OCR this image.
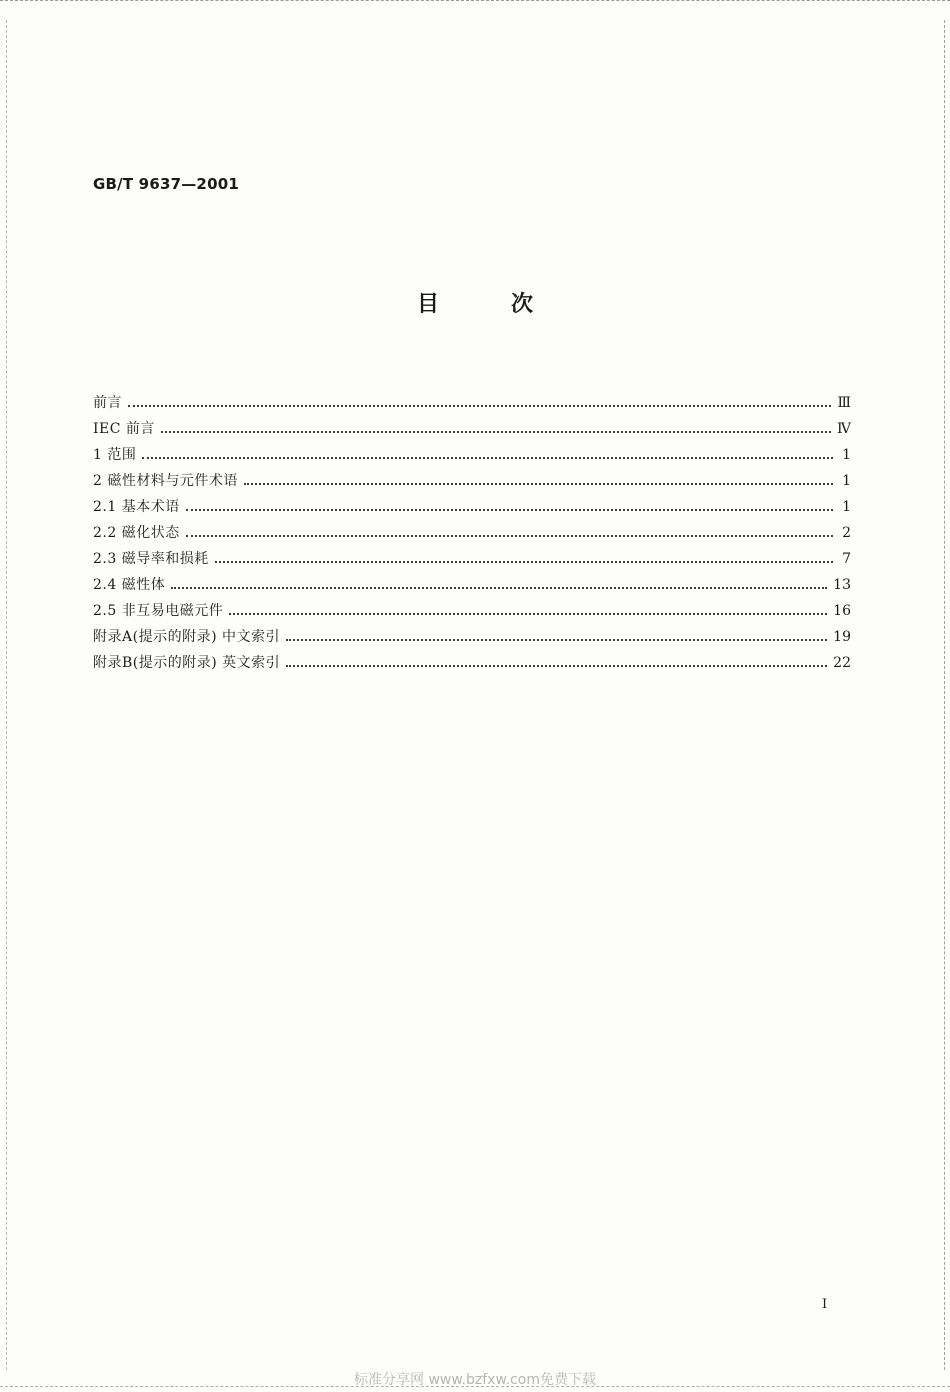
GB/T 9637—2001
目	次
前言	Ⅲ
IEC 前言	Ⅳ
1 范围	1
2 磁性材料与元件术语	1
2.1 基本术语	1
2.2 磁化状态	2
2.3 磁导率和损耗	7
2.4 磁性体	13
2.5 非互易电磁元件	16
附录A(提示的附录) 中文索引	19
附录B(提示的附录) 英文索引	22
I
标准分享网 www.bzfxw.com免费下载
